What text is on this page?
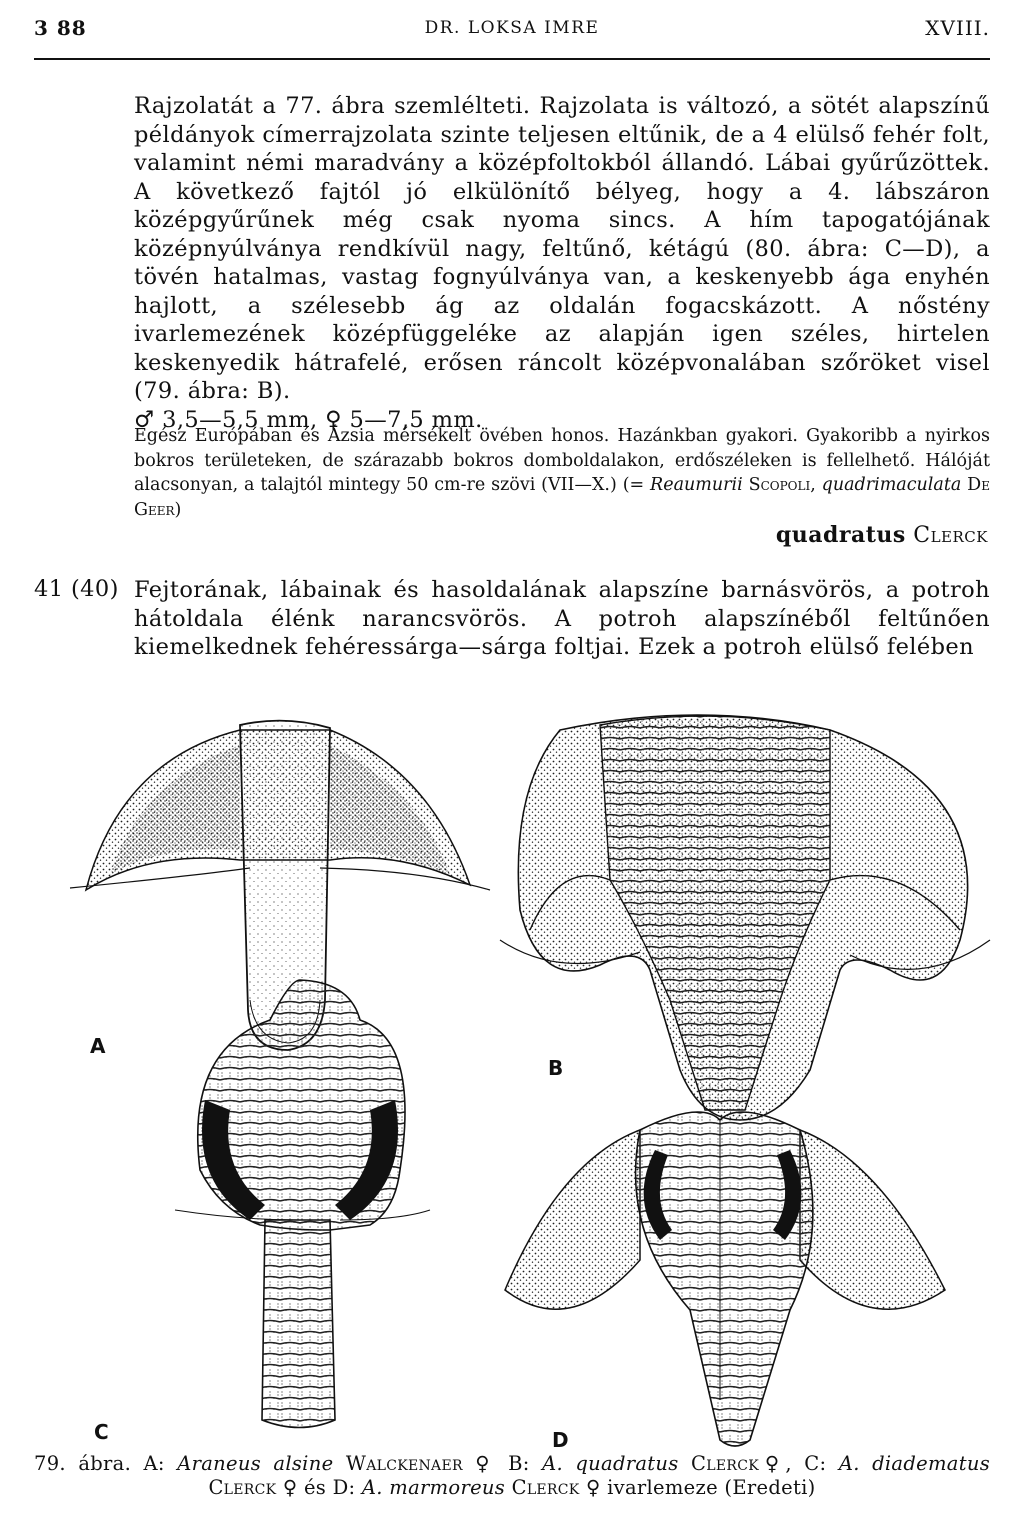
3 88	DR. LOKSA IMRE	XVIII.
Rajzolatát a 77. ábra szemlélteti. Rajzolata is változó, a sötét alapszínű példányok címerrajzolata szinte teljesen eltűnik, de a 4 elülső fehér folt, valamint némi maradvány a középfoltokból állandó. Lábai gyűrűzöttek. A következő fajtól jó elkülönítő bélyeg, hogy a 4. lábszáron középgyűrűnek még csak nyoma sincs. A hím tapogatójának középnyúlványa rendkívül nagy, feltűnő, kétágú (80. ábra: C—D), a tövén hatalmas, vastag fognyúlványa van, a keskenyebb ága enyhén hajlott, a szélesebb ág az oldalán fogacskázott. A nőstény ivarlemezének középfüggeléke az alapján igen széles, hirtelen keskenyedik hátrafelé, erősen ráncolt középvonalában szőröket visel (79. ábra: B).
♂ 3,5—5,5 mm, ♀ 5—7,5 mm.
Egész Európában és Ázsia mérsékelt övében honos. Hazánkban gyakori. Gyakoribb a nyirkos bokros területeken, de szárazabb bokros domboldalakon, erdőszéleken is fellelhető. Hálóját alacsonyan, a talajtól mintegy 50 cm-re szövi (VII—X.) (= Reaumurii Scopoli, quadrimaculata De Geer)
quadratus Clerck
41 (40) Fejtorának, lábainak és hasoldalának alapszíne barnásvörös, a potroh hátoldala élénk narancsvörös. A potroh alapszínéből feltűnően kiemelkednek fehéressárga—sárga foltjai. Ezek a potroh elülső felében
A
B
C	D
79. ábra. A: Araneus alsine Walckenaer ♀ B: A. quadratus Clerck♀, C: A. diadematus
Clerck ♀ és D: A. marmoreus Clerck ♀ ivarlemeze (Eredeti)
